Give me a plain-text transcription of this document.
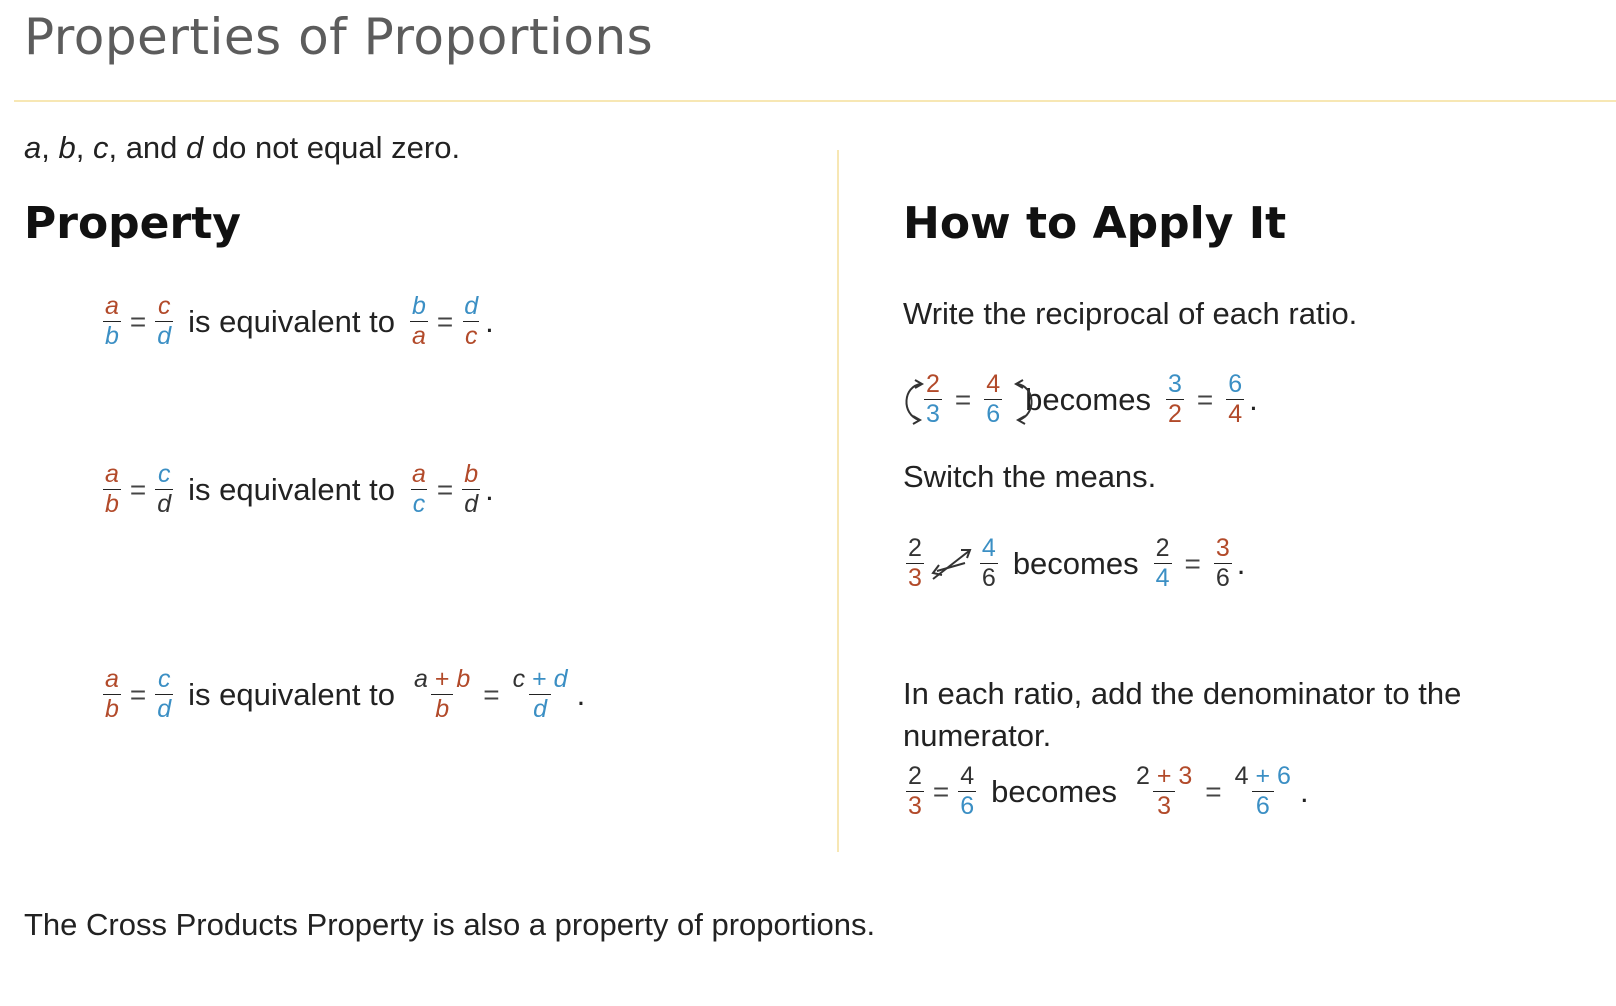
Properties of Proportions
a, b, c, and d do not equal zero.
Property	How to Apply It
$\frac{a}{b} = \frac{c}{d}$ is equivalent to $\frac{b}{a} = \frac{d}{c}$ .
$\frac{a}{b} = \frac{c}{d}$ is equivalent to $\frac{a}{c} = \frac{b}{d}$ .
$\frac{a}{b} = \frac{c}{d}$ is equivalent to $\frac{a + b}{b} = \frac{c + d}{d}$ .
Write the reciprocal of each ratio.
$\frac{2}{3} = \frac{4}{6}$ becomes $\frac{3}{2} = \frac{6}{4}$ .
Switch the means.
$\frac{2}{3} \frac{4}{6}$ becomes $\frac{2}{4} = \frac{3}{6}$ .
In each ratio, add the denominator to the
numerator.
$\frac{2}{3} = \frac{4}{6}$ becomes $\frac{2 + 3}{3} = \frac{4 + 6}{6}$ .
The Cross Products Property is also a property of proportions.
